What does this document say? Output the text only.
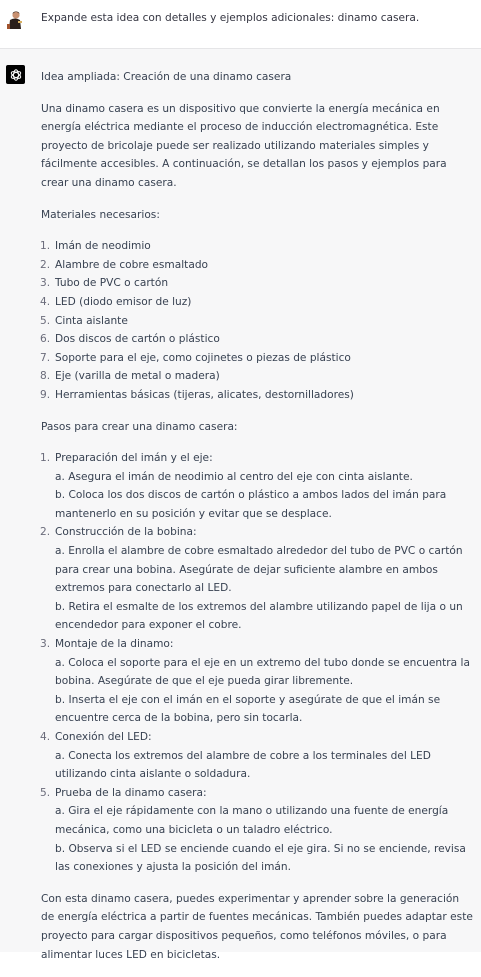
Expande esta idea con detalles y ejemplos adicionales: dinamo casera.

Idea ampliada: Creación de una dinamo casera

Una dinamo casera es un dispositivo que convierte la energía mecánica en energía eléctrica mediante el proceso de inducción electromagnética. Este proyecto de bricolaje puede ser realizado utilizando materiales simples y fácilmente accesibles. A continuación, se detallan los pasos y ejemplos para crear una dinamo casera.

Materiales necesarios:

1. Imán de neodimio
2. Alambre de cobre esmaltado
3. Tubo de PVC o cartón
4. LED (diodo emisor de luz)
5. Cinta aislante
6. Dos discos de cartón o plástico
7. Soporte para el eje, como cojinetes o piezas de plástico
8. Eje (varilla de metal o madera)
9. Herramientas básicas (tijeras, alicates, destornilladores)

Pasos para crear una dinamo casera:

1. Preparación del imán y el eje:
a. Asegura el imán de neodimio al centro del eje con cinta aislante.
b. Coloca los dos discos de cartón o plástico a ambos lados del imán para mantenerlo en su posición y evitar que se desplace.
2. Construcción de la bobina:
a. Enrolla el alambre de cobre esmaltado alrededor del tubo de PVC o cartón para crear una bobina. Asegúrate de dejar suficiente alambre en ambos extremos para conectarlo al LED.
b. Retira el esmalte de los extremos del alambre utilizando papel de lija o un encendedor para exponer el cobre.
3. Montaje de la dinamo:
a. Coloca el soporte para el eje en un extremo del tubo donde se encuentra la bobina. Asegúrate de que el eje pueda girar libremente.
b. Inserta el eje con el imán en el soporte y asegúrate de que el imán se encuentre cerca de la bobina, pero sin tocarla.
4. Conexión del LED:
a. Conecta los extremos del alambre de cobre a los terminales del LED utilizando cinta aislante o soldadura.
5. Prueba de la dinamo casera:
a. Gira el eje rápidamente con la mano o utilizando una fuente de energía mecánica, como una bicicleta o un taladro eléctrico.
b. Observa si el LED se enciende cuando el eje gira. Si no se enciende, revisa las conexiones y ajusta la posición del imán.

Con esta dinamo casera, puedes experimentar y aprender sobre la generación de energía eléctrica a partir de fuentes mecánicas. También puedes adaptar este proyecto para cargar dispositivos pequeños, como teléfonos móviles, o para alimentar luces LED en bicicletas.
